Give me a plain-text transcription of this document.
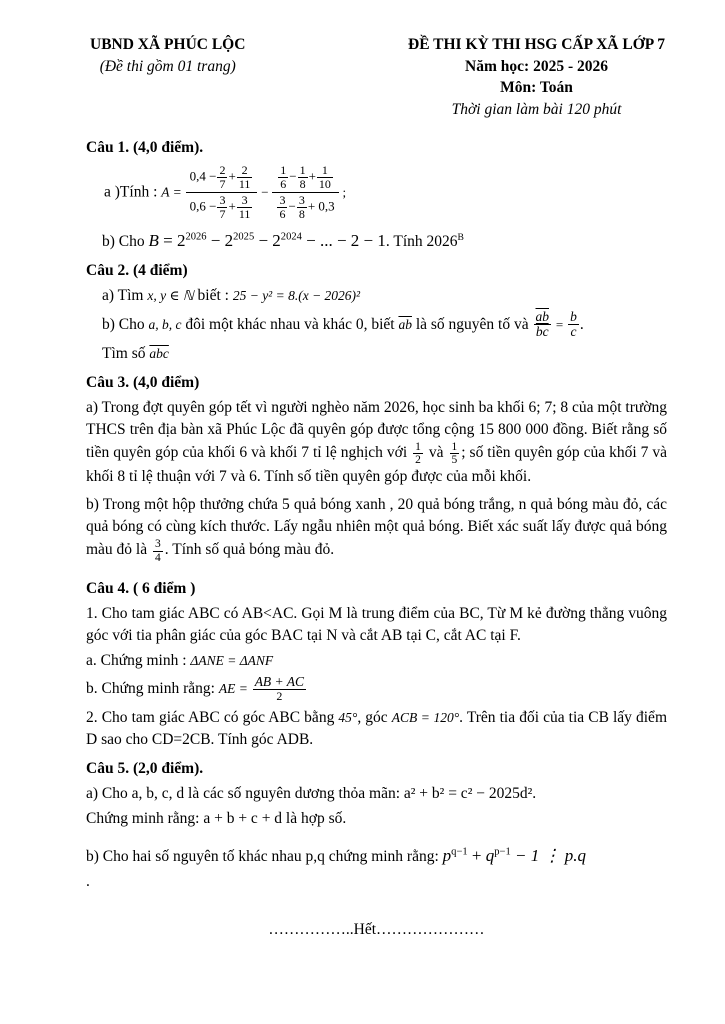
UBND XÃ PHÚC LỘC
(Đề thi gồm 01 trang)
ĐỀ THI KỲ THI HSG CẤP XÃ LỚP 7
Năm học: 2025 - 2026
Môn: Toán
Thời gian làm bài 120 phút

Câu 1. (4,0 điểm).

a )Tính : $A = \frac{0,4 - \frac{2}{7} + \frac{2}{11}}{0,6 - \frac{3}{7} + \frac{3}{11}} - \frac{\frac{1}{6} - \frac{1}{8} + \frac{1}{10}}{\frac{3}{6} - \frac{3}{8} + 0,3}$ ;

b) Cho $B = 2^{2026} - 2^{2025} - 2^{2024}$ − ... − 2 − 1. Tính $2026^B$

Câu 2. (4 điểm)

a) Tìm x, y ∈ ℕ biết : 25 − y² = 8.(x − 2026)²

b) Cho a, b, c đôi một khác nhau và khác 0, biết $\overline{ab}$ là số nguyên tố và $\frac{\overline{ab}}{bc} = \frac{b}{c}$ .

Tìm số $\overline{abc}$

Câu 3. (4,0 điểm)

a) Trong đợt quyên góp tết vì người nghèo năm 2026, học sinh ba khối 6; 7; 8 của một trường THCS trên địa bàn xã Phúc Lộc đã quyên góp được tổng cộng 15 800 000 đồng. Biết rằng số tiền quyên góp của khối 6 và khối 7 tỉ lệ nghịch với $\frac{1}{2}$ và $\frac{1}{5}$ ; số tiền quyên góp của khối 7 và khối 8 tỉ lệ thuận với 7 và 6. Tính số tiền quyên góp được của mỗi khối.

b) Trong một hộp thưởng chứa 5 quả bóng xanh , 20 quả bóng trắng, n quả bóng màu đỏ, các quả bóng có cùng kích thước. Lấy ngẫu nhiên một quả bóng. Biết xác suất lấy được quả bóng màu đỏ là $\frac{3}{4}$ . Tính số quả bóng màu đỏ.

Câu 4. ( 6 điểm )

1. Cho tam giác ABC có AB<AC. Gọi M là trung điểm của BC, Từ M kẻ đường thẳng vuông góc với tia phân giác của góc BAC tại N và cắt AB tại C, cắt AC tại F.

a. Chứng minh : ΔANE = ΔANF

b. Chứng minh rằng: AE = $\frac{AB + AC}{2}$

2. Cho tam giác ABC có góc ABC bằng 45°, góc ACB = 120°. Trên tia đối của tia CB lấy điểm D sao cho CD=2CB. Tính góc ADB.

Câu 5. (2,0 điểm).

a) Cho a, b, c, d là các số nguyên dương thỏa mãn: a² + b² = c² − 2025d².

Chứng minh rằng: a + b + c + d là hợp số.

b) Cho hai số nguyên tố khác nhau p,q chứng minh rằng: $p^{q-1} + q^{p-1} - 1$ ⋮ p.q

.

……………..Hết…………………
